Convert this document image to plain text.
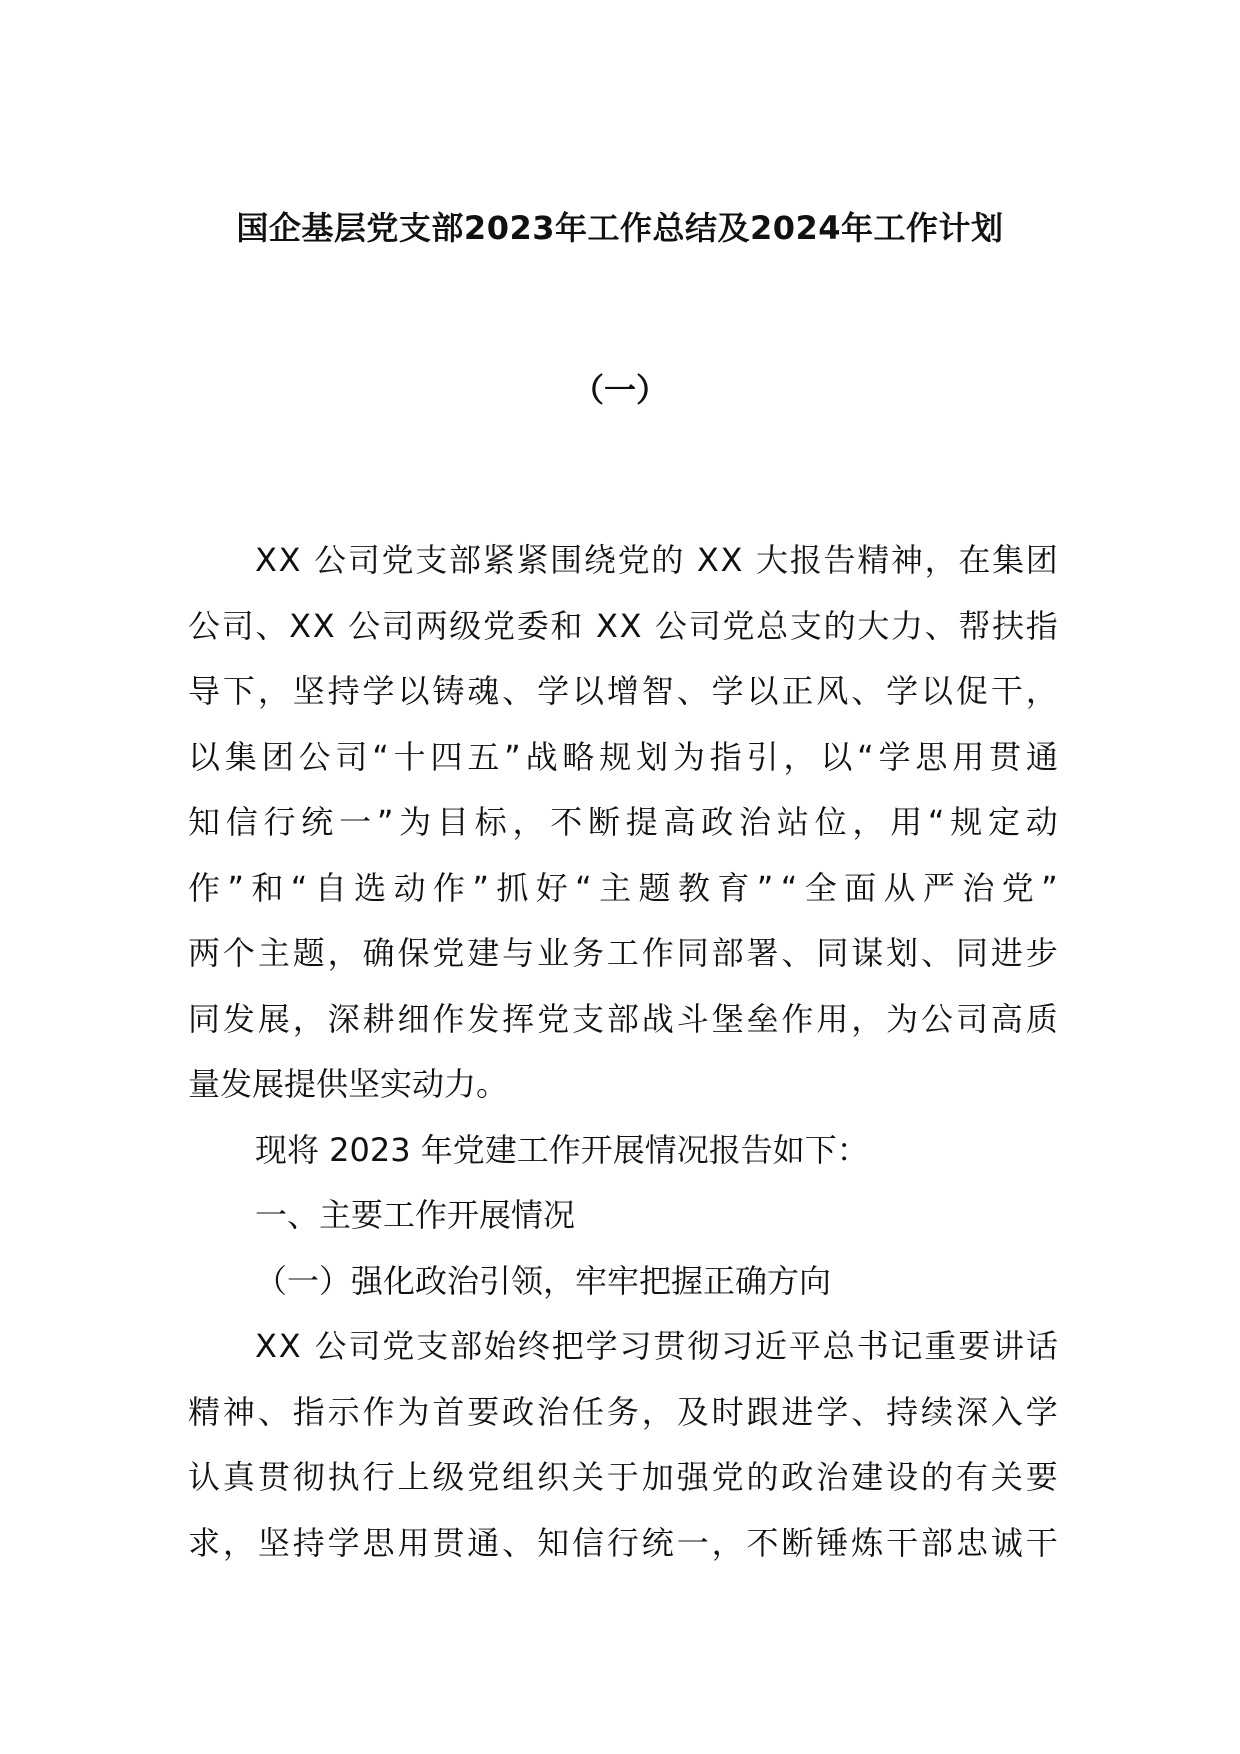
国企基层党支部2023年工作总结及2024年工作计划
（一）
X X
公 司 党 支 部 紧 紧 围 绕 党 的
X X
大 报 告 精 神 ， 在 集 团
公 司 、 X X
公 司 两 级 党 委 和
X X
公 司 党 总 支 的 大 力 、 帮 扶 指
导 下 ， 坚 持 学 以 铸 魂 、 学 以 增 智 、 学 以 正 风 、 学 以 促 干 ，
以 集 团 公 司 “ 十 四 五 ” 战 略 规 划 为 指 引 ， 以 “ 学 思 用 贯 通
知 信 行 统 一 ” 为 目 标 ， 不 断 提 高 政 治 站 位 ， 用 “ 规 定 动
作 ” 和 “ 自 选 动 作 ” 抓 好 “ 主 题 教 育 ” “ 全 面 从 严 治 党 ”
两 个 主 题 ， 确 保 党 建 与 业 务 工 作 同 部 署 、 同 谋 划 、 同 进 步
同 发 展 ， 深 耕 细 作 发 挥 党 支 部 战 斗 堡 垒 作 用 ， 为 公 司 高 质
量发展提供坚实动力。
现将 2023 年党建工作开展情况报告如下：
一、主要工作开展情况
（一）强化政治引领，牢牢把握正确方向
X X
公 司 党 支 部 始 终 把 学 习 贯 彻 习 近 平 总 书 记 重 要 讲 话
精 神 、 指 示 作 为 首 要 政 治 任 务 ， 及 时 跟 进 学 、 持 续 深 入 学
认 真 贯 彻 执 行 上 级 党 组 织 关 于 加 强 党 的 政 治 建 设 的 有 关 要
求 ， 坚 持 学 思 用 贯 通 、 知 信 行 统 一 ， 不 断 锤 炼 干 部 忠 诚 干
